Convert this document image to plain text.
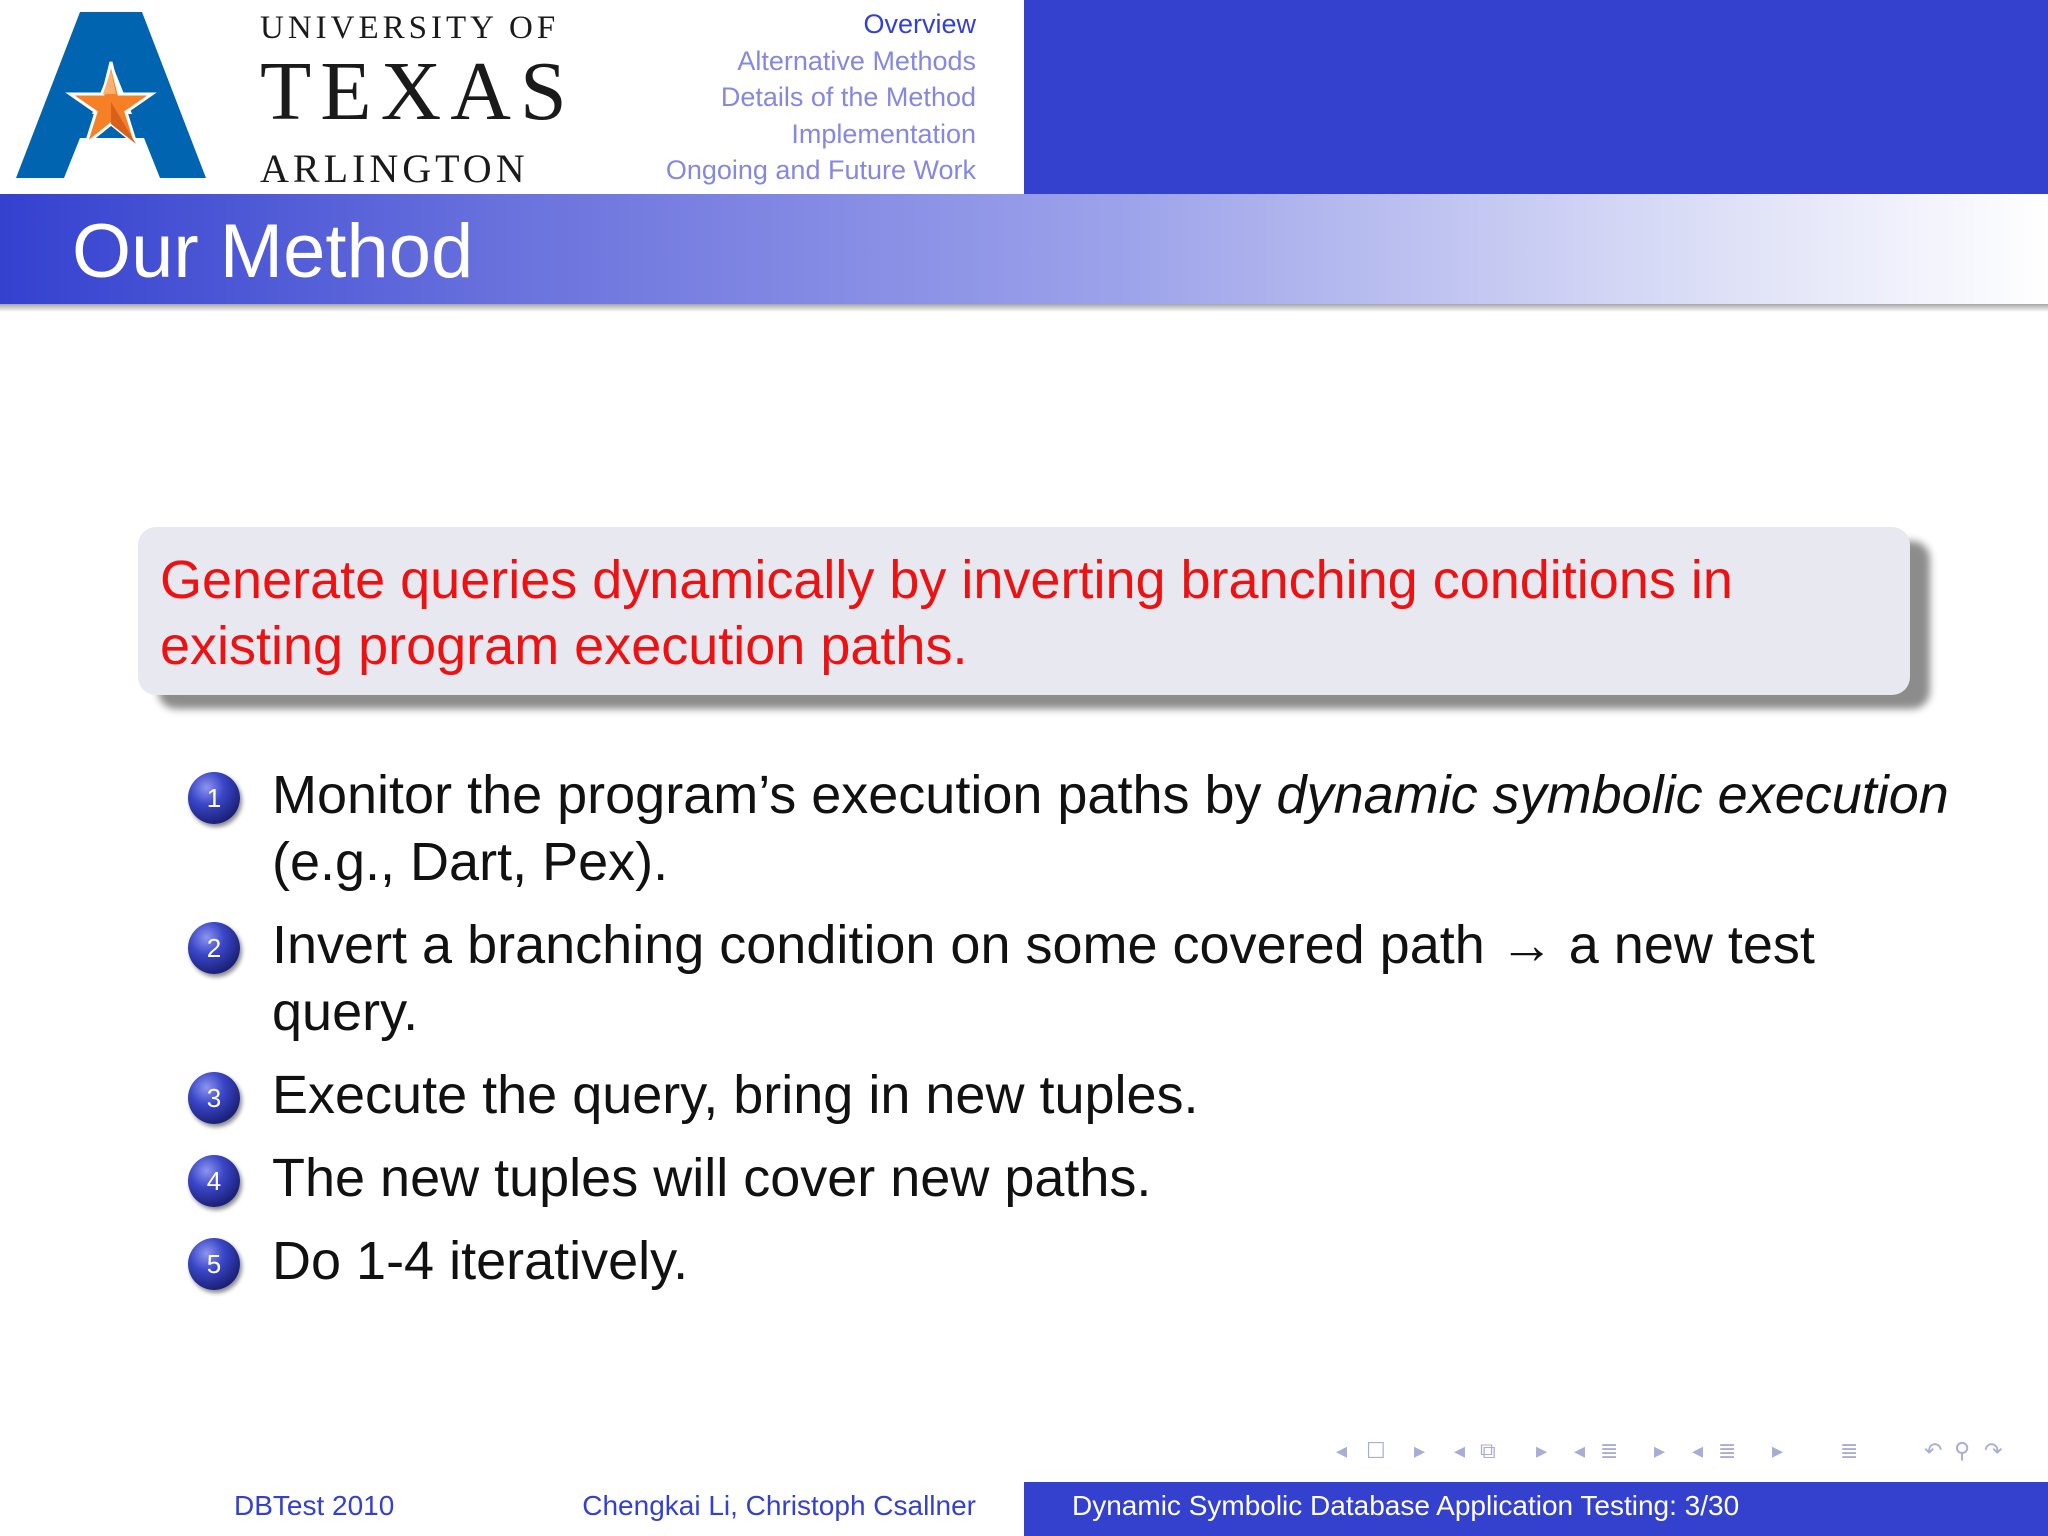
UNIVERSITY OF
TEXAS
ARLINGTON
Overview
Alternative Methods
Details of the Method
Implementation
Ongoing and Future Work
Our Method
Generate queries dynamically by inverting branching conditions in existing program execution paths.
1 Monitor the program’s execution paths by dynamic symbolic execution (e.g., Dart, Pex).
2 Invert a branching condition on some covered path → a new test query.
3 Execute the query, bring in new tuples.
4 The new tuples will cover new paths.
5 Do 1-4 iteratively.
◂ ☐ ▸ ◂ ⧉ ▸ ◂ ≣ ▸ ◂ ≣ ▸	≣	↶ ⚲ ↷
DBTest 2010	Chengkai Li, Christoph Csallner	Dynamic Symbolic Database Application Testing: 3/30
